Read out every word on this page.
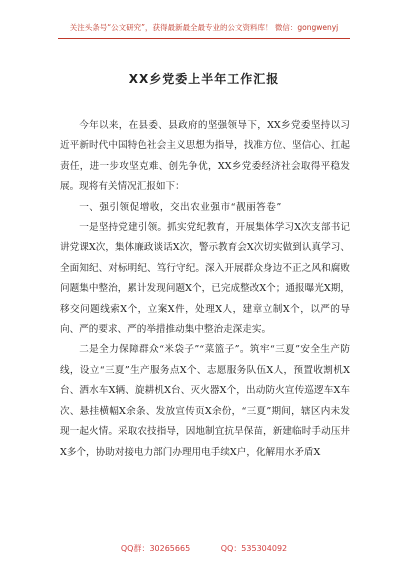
关注头条号“公文研究”，获得最新最全最专业的公文资料库！ 微信：gongwenyj
XX乡党委上半年工作汇报

今年以来，在县委、县政府的坚强领导下，XX乡党委坚持以习近平新时代中国特色社会主义思想为指导，找准方位、坚信心、扛起责任，进一步攻坚克难、创先争优，XX乡党委经济社会取得平稳发展。现将有关情况汇报如下：

一、强引领促增收，交出农业强市“靓丽答卷”

一是坚持党建引领。抓实党纪教育，开展集体学习X次支部书记讲党课X次，集体廉政谈话X次，警示教育会X次切实做到认真学习、全面知纪、对标明纪、笃行守纪。深入开展群众身边不正之风和腐败问题集中整治，累计发现问题X个，已完成整改X个；通报曝光X期，移交问题线索X个，立案X件，处理X人，建章立制X个，以严的导向、严的要求、严的举措推动集中整治走深走实。

二是全力保障群众“米袋子”“菜篮子”。筑牢“三夏”安全生产防线，设立“三夏”生产服务点X个、志愿服务队伍X人，预置收割机X台、洒水车X辆、旋耕机X台、灭火器X个，出动防火宣传巡逻车X车次、悬挂横幅X余条、发放宣传页X余份，“三夏”期间，辖区内未发现一起火情。采取农技指导，因地制宜抗旱保苗，新建临时手动压井X多个，协助对接电力部门办理用电手续X户，化解用水矛盾X

QQ群：30265665	QQ：535304092
